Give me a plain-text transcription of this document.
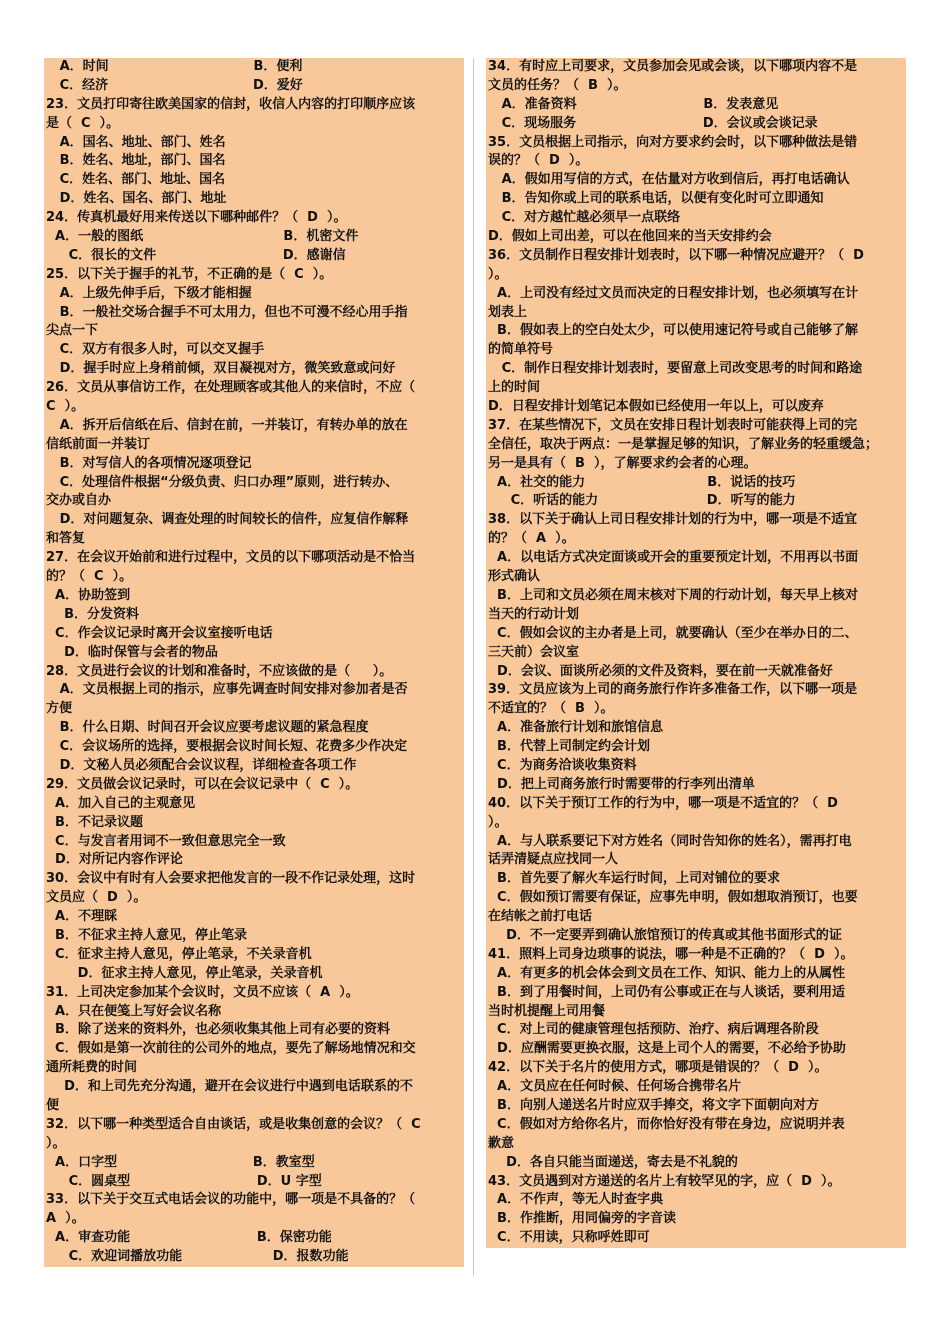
A．时间                                B．便利
C．经济                                D．爱好
23．文员打印寄往欧美国家的信封，收信人内容的打印顺序应该
是（  C  ）。
A．国名、地址、部门、姓名
B．姓名、地址，部门、国名
C．姓名、部门、地址、国名
D．姓名、国名、部门、地址
24．传真机最好用来传送以下哪种邮件？（  D  ）。
A．一般的图纸                               B．机密文件
C．很长的文件                            D．感谢信
25．以下关于握手的礼节，不正确的是（  C  ）。
A．上级先伸手后，下级才能相握
B．一般社交场合握手不可太用力，但也不可漫不经心用手指
尖点一下
C．双方有很多人时，可以交叉握手
D．握手时应上身稍前倾，双目凝视对方，微笑致意或问好
26．文员从事信访工作，在处理顾客或其他人的来信时，不应（
C  ）。
A．拆开后信纸在后、信封在前，一并装订，有转办单的放在
信纸前面一并装订
B．对写信人的各项情况逐项登记
C．处理信件根据“分级负责、归口办理”原则，进行转办、
交办或自办
D．对问题复杂、调查处理的时间较长的信件，应复信作解释
和答复
27．在会议开始前和进行过程中，文员的以下哪项活动是不恰当
的？（  C  ）。
A．协助签到
B．分发资料
C．作会议记录时离开会议室接听电话
D．临时保管与会者的物品
28．文员进行会议的计划和准备时，不应该做的是（     ）。
A．文员根据上司的指示，应事先调查时间安排对参加者是否
方便
B．什么日期、时间召开会议应要考虑议题的紧急程度
C．会议场所的选择，要根据会议时间长短、花费多少作决定
D．文秘人员必须配合会议议程，详细检查各项工作
29．文员做会议记录时，可以在会议记录中（  C  ）。
A．加入自己的主观意见
B．不记录议题
C．与发言者用词不一致但意思完全一致
D．对所记内容作评论
30．会议中有时有人会要求把他发言的一段不作记录处理，这时
文员应（  D  ）。
A．不理睬
B．不征求主持人意见，停止笔录
C．征求主持人意见，停止笔录，不关录音机
D．征求主持人意见，停止笔录，关录音机
31．上司决定参加某个会议时，文员不应该（  A  ）。
A．只在便笺上写好会议名称
B．除了送来的资料外，也必须收集其他上司有必要的资料
C．假如是第一次前往的公司外的地点，要先了解场地情况和交
通所耗费的时间
D．和上司先充分沟通，避开在会议进行中遇到电话联系的不
便
32．以下哪一种类型适合自由谈话，或是收集创意的会议？（  C
）。
A．口字型                              B．教室型
C．圆桌型                            D．U 字型
33．以下关于交互式电话会议的功能中，哪一项是不具备的？（
A  ）。
A．审查功能                            B．保密功能
C．欢迎词播放功能                    D．报数功能
34．有时应上司要求，文员参加会见或会谈，以下哪项内容不是
文员的任务？（  B  ）。
A．准备资料                            B．发表意见
C．现场服务                            D．会议或会谈记录
35．文员根据上司指示，向对方要求约会时，以下哪种做法是错
误的？（  D  ）。
A．假如用写信的方式，在估量对方收到信后，再打电话确认
B．告知你或上司的联系电话，以便有变化时可立即通知
C．对方越忙越必须早一点联络
D．假如上司出差，可以在他回来的当天安排约会
36．文员制作日程安排计划表时，以下哪一种情况应避开？（  D
）。
A．上司没有经过文员而决定的日程安排计划，也必须填写在计
划表上
B．假如表上的空白处太少，可以使用速记符号或自己能够了解
的简单符号
C．制作日程安排计划表时，要留意上司改变思考的时间和路途
上的时间
D．日程安排计划笔记本假如已经使用一年以上，可以废弃
37．在某些情况下，文员在安排日程计划表时可能获得上司的完
全信任，取决于两点：一是掌握足够的知识，了解业务的轻重缓急；
另一是具有（  B  ），了解要求约会者的心理。
A．社交的能力                           B．说话的技巧
C．听话的能力                        D．听写的能力
38．以下关于确认上司日程安排计划的行为中，哪一项是不适宜
的？（  A  ）。
A．以电话方式决定面谈或开会的重要预定计划，不用再以书面
形式确认
B．上司和文员必须在周末核对下周的行动计划，每天早上核对
当天的行动计划
C．假如会议的主办者是上司，就要确认（至少在举办日的二、
三天前）会议室
D．会议、面谈所必须的文件及资料，要在前一天就准备好
39．文员应该为上司的商务旅行作许多准备工作，以下哪一项是
不适宜的？（  B  ）。
A．准备旅行计划和旅馆信息
B．代替上司制定约会计划
C．为商务洽谈收集资料
D．把上司商务旅行时需要带的行李列出清单
40．以下关于预订工作的行为中，哪一项是不适宜的？（  D
）。
A．与人联系要记下对方姓名（同时告知你的姓名），需再打电
话弄清疑点应找同一人
B．首先要了解火车运行时间，上司对铺位的要求
C．假如预订需要有保证，应事先申明，假如想取消预订，也要
在结帐之前打电话
D．不一定要弄到确认旅馆预订的传真或其他书面形式的证
41．照料上司身边琐事的说法，哪一种是不正确的？（  D  ）。
A．有更多的机会体会到文员在工作、知识、能力上的从属性
B．到了用餐时间，上司仍有公事或正在与人谈话，要利用适
当时机提醒上司用餐
C．对上司的健康管理包括预防、治疗、病后调理各阶段
D．应酬需要更换衣服，这是上司个人的需要，不必给予协助
42．以下关于名片的使用方式，哪项是错误的？（  D  ）。
A．文员应在任何时候、任何场合携带名片
B．向别人递送名片时应双手捧交，将文字下面朝向对方
C．假如对方给你名片，而你恰好没有带在身边，应说明并表
歉意
D．各自只能当面递送，寄去是不礼貌的
43．文员遇到对方递送的名片上有较罕见的字，应（  D  ）。
A．不作声，等无人时查字典
B．作推断，用同偏旁的字音读
C．不用读，只称呼姓即可
